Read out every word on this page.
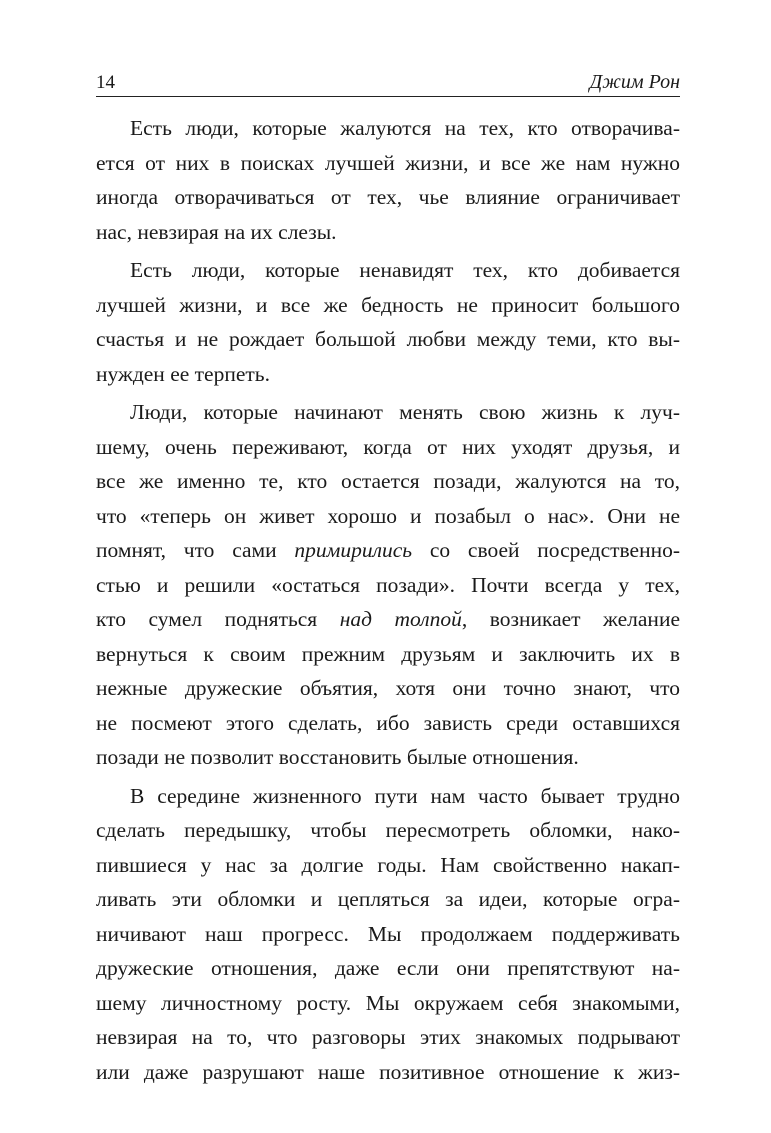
14	Джим Рон
Есть люди, которые жалуются на тех, кто отворачива-
ется от них в поисках лучшей жизни, и все же нам нужно
иногда отворачиваться от тех, чье влияние ограничивает
нас, невзирая на их слезы.
Есть люди, которые ненавидят тех, кто добивается
лучшей жизни, и все же бедность не приносит большого
счастья и не рождает большой любви между теми, кто вы-
нужден ее терпеть.
Люди, которые начинают менять свою жизнь к луч-
шему, очень переживают, когда от них уходят друзья, и
все же именно те, кто остается позади, жалуются на то,
что «теперь он живет хорошо и позабыл о нас». Они не
помнят, что сами примирились со своей посредственно-
стью и решили «остаться позади». Почти всегда у тех,
кто сумел подняться над толпой, возникает желание
вернуться к своим прежним друзьям и заключить их в
нежные дружеские объятия, хотя они точно знают, что
не посмеют этого сделать, ибо зависть среди оставшихся
позади не позволит восстановить былые отношения.
В середине жизненного пути нам часто бывает трудно
сделать передышку, чтобы пересмотреть обломки, нако-
пившиеся у нас за долгие годы. Нам свойственно накап-
ливать эти обломки и цепляться за идеи, которые огра-
ничивают наш прогресс. Мы продолжаем поддерживать
дружеские отношения, даже если они препятствуют на-
шему личностному росту. Мы окружаем себя знакомыми,
невзирая на то, что разговоры этих знакомых подрывают
или даже разрушают наше позитивное отношение к жиз-
